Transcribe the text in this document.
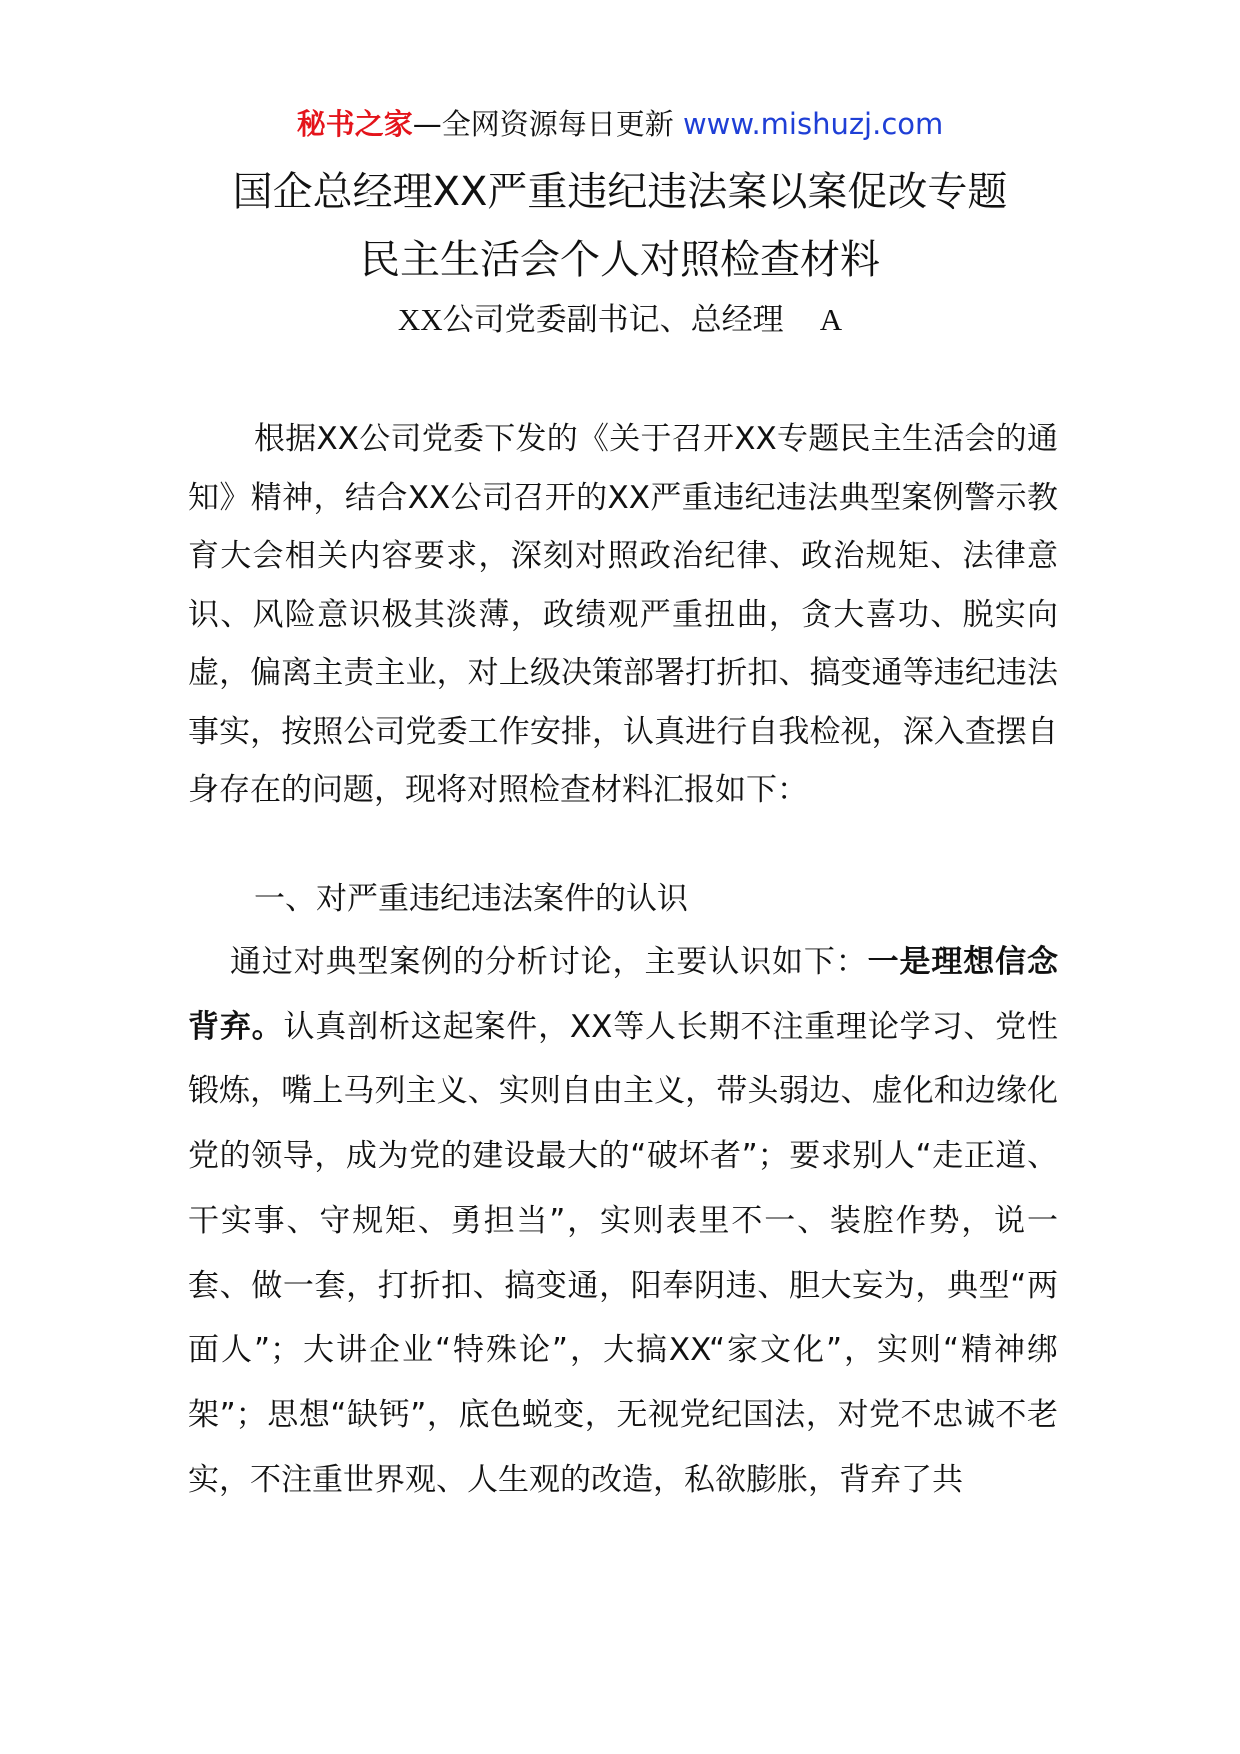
秘书之家—全网资源每日更新 www.mishuzj.com
国企总经理XX严重违纪违法案以案促改专题
民主生活会个人对照检查材料
XX公司党委副书记、总经理 A
根据XX公司党委下发的《关于召开XX专题民主生活会的通知》精神，结合XX公司召开的XX严重违纪违法典型案例警示教育大会相关内容要求，深刻对照政治纪律、政治规矩、法律意识、风险意识极其淡薄，政绩观严重扭曲，贪大喜功、脱实向虚，偏离主责主业，对上级决策部署打折扣、搞变通等违纪违法事实，按照公司党委工作安排，认真进行自我检视，深入查摆自身存在的问题，现将对照检查材料汇报如下：
一、对严重违纪违法案件的认识
通过对典型案例的分析讨论，主要认识如下：一是理想信念背弃。认真剖析这起案件，XX等人长期不注重理论学习、党性锻炼，嘴上马列主义、实则自由主义，带头弱边、虚化和边缘化党的领导，成为党的建设最大的“破坏者”；要求别人“走正道、干实事、守规矩、勇担当”，实则表里不一、装腔作势，说一套、做一套，打折扣、搞变通，阳奉阴违、胆大妄为，典型“两面人”；大讲企业“特殊论”，大搞XX“家文化”，实则“精神绑架”；思想“缺钙”，底色蜕变，无视党纪国法，对党不忠诚不老实，不注重世界观、人生观的改造，私欲膨胀，背弃了共
